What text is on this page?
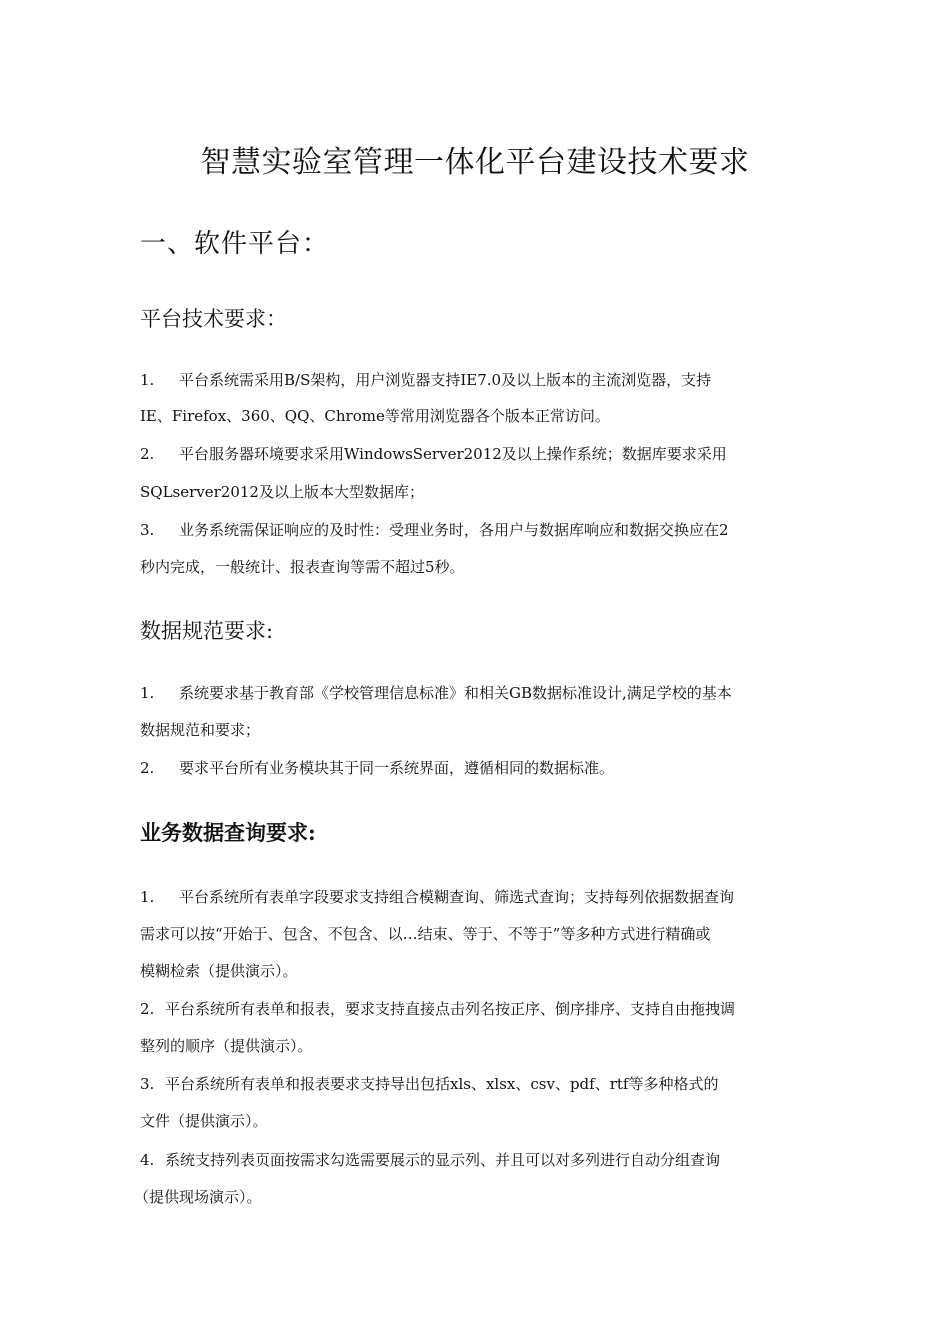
智慧实验室管理一体化平台建设技术要求
一、软件平台：
平台技术要求：
1. 平台系统需采用B/S架构，用户浏览器支持IE7.0及以上版本的主流浏览器，支持
IE、Firefox、360、QQ、Chrome等常用浏览器各个版本正常访问。
2. 平台服务器环境要求采用WindowsServer2012及以上操作系统；数据库要求采用
SQLserver2012及以上版本大型数据库；
3. 业务系统需保证响应的及时性：受理业务时，各用户与数据库响应和数据交换应在2
秒内完成，一般统计、报表查询等需不超过5秒。
数据规范要求:
1. 系统要求基于教育部《学校管理信息标准》和相关GB数据标准设计,满足学校的基本
数据规范和要求；
2. 要求平台所有业务模块其于同一系统界面，遵循相同的数据标准。
业务数据查询要求:
1. 平台系统所有表单字段要求支持组合模糊查询、筛选式查询；支持每列依据数据查询
需求可以按“开始于、包含、不包含、以…结束、等于、不等于”等多种方式进行精确或
模糊检索（提供演示）。
2. 平台系统所有表单和报表，要求支持直接点击列名按正序、倒序排序、支持自由拖拽调
整列的顺序（提供演示）。
3. 平台系统所有表单和报表要求支持导出包括xls、xlsx、csv、pdf、rtf等多种格式的
文件（提供演示）。
4. 系统支持列表页面按需求勾选需要展示的显示列、并且可以对多列进行自动分组查询
（提供现场演示）。
